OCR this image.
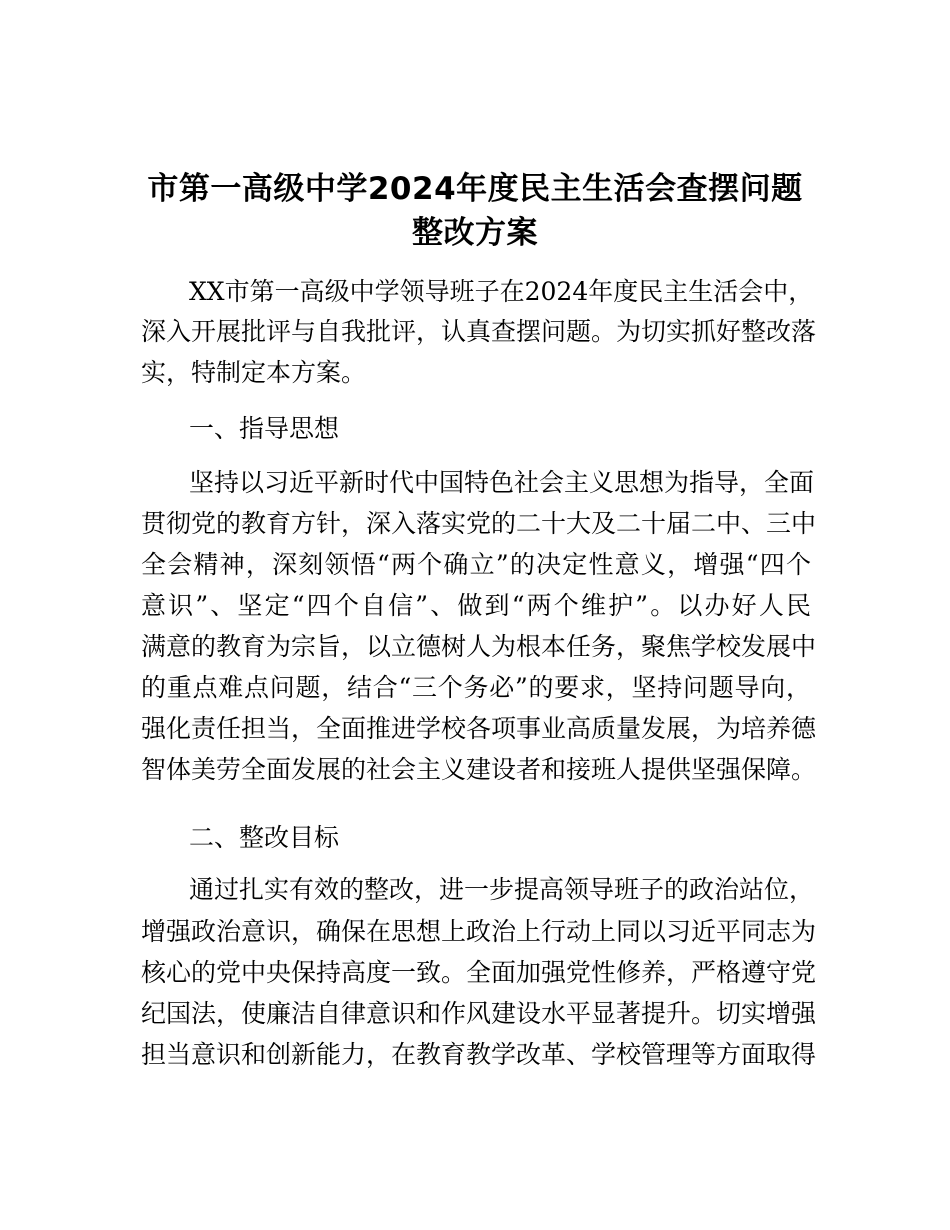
市第一高级中学2024年度民主生活会查摆问题
整改方案
XX市第一高级中学领导班子在2024年度民主生活会中，
深入开展批评与自我批评，认真查摆问题。为切实抓好整改落
实，特制定本方案。
一、指导思想
坚持以习近平新时代中国特色社会主义思想为指导，全面
贯彻党的教育方针，深入落实党的二十大及二十届二中、三中
全会精神，深刻领悟“两个确立”的决定性意义，增强“四个
意识”、坚定“四个自信”、做到“两个维护”。以办好人民
满意的教育为宗旨，以立德树人为根本任务，聚焦学校发展中
的重点难点问题，结合“三个务必”的要求，坚持问题导向，
强化责任担当，全面推进学校各项事业高质量发展，为培养德
智体美劳全面发展的社会主义建设者和接班人提供坚强保障。
二、整改目标
通过扎实有效的整改，进一步提高领导班子的政治站位，
增强政治意识，确保在思想上政治上行动上同以习近平同志为
核心的党中央保持高度一致。全面加强党性修养，严格遵守党
纪国法，使廉洁自律意识和作风建设水平显著提升。切实增强
担当意识和创新能力，在教育教学改革、学校管理等方面取得
